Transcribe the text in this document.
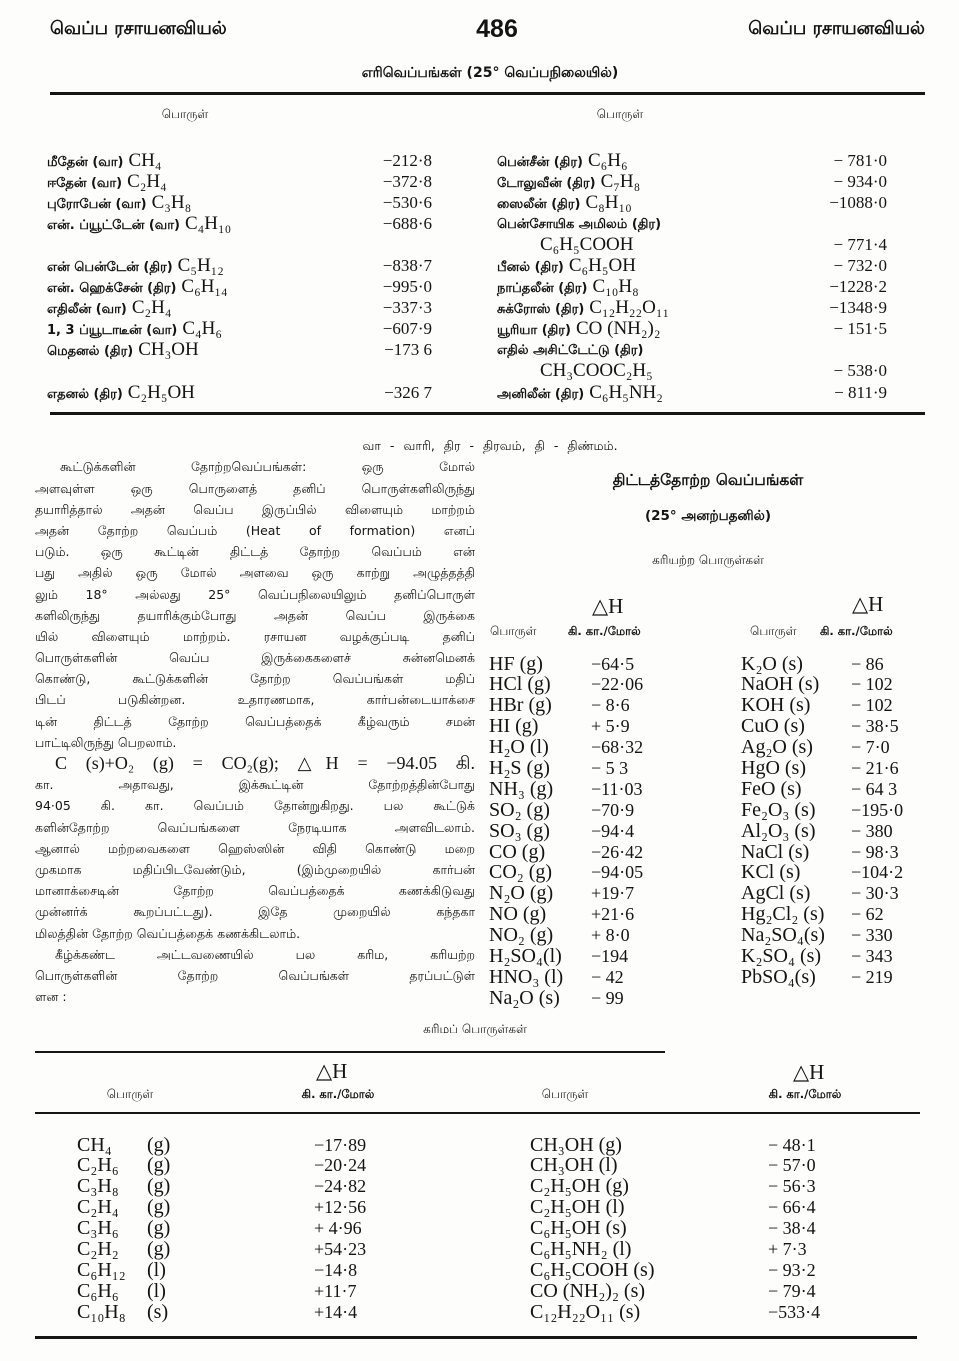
வெப்ப ரசாயனவியல்	486	வெப்ப ரசாயனவியல்
எரிவெப்பங்கள் (25° வெப்பநிலையில்)
பொருள்	பொருள்
மீதேன் (வா) CH₄	−212·8
ஈதேன் (வா) C₂H₄	−372·8
புரோபேன் (வா) C₃H₈	−530·6
என். ப்யூட்டேன் (வா) C₄H₁₀	−688·6
என் பென்டேன் (திர) C₅H₁₂	−838·7
என். ஹெக்சேன் (திர) C₆H₁₄	−995·0
எதிலீன் (வா) C₂H₄	−337·3
1, 3 ப்யூடாடீன் (வா) C₄H₆	−607·9
மெதனல் (திர) CH₃OH	−173 6
எதனல் (திர) C₂H₅OH	−326 7
பென்சீன் (திர) C₆H₆	− 781·0
டோலுவீன் (திர) C₇H₈	− 934·0
ஸைலீன் (திர) C₈H₁₀	−1088·0
பென்சோயிக அமிலம் (திர)
C₆H₅COOH	− 771·4
பீனல் (திர) C₆H₅OH	− 732·0
நாப்தலீன் (திர) C₁₀H₈	−1228·2
சுக்ரோஸ் (திர) C₁₂H₂₂O₁₁	−1348·9
யூரியா (திர) CO (NH₂)₂	− 151·5
எதில் அசிட்டேட்டு (திர)
CH₃COOC₂H₅	− 538·0
அனிலீன் (திர) C₆H₅NH₂	− 811·9
வா - வாரி, திர - திரவம், தி - திண்மம்.
கூட்டுக்களின் தோற்றவெப்பங்கள்: ஒரு மோல்
அளவுள்ள ஒரு பொருளைத் தனிப் பொருள்களிலிருந்து
தயாரித்தால் அதன் வெப்ப இருப்பில் விளையும் மாற்றம்
அதன் தோற்ற வெப்பம் (Heat of formation) எனப்
படும். ஒரு கூட்டின் திட்டத் தோற்ற வெப்பம் என்
பது அதில் ஒரு மோல் அளவை ஒரு காற்று அழுத்தத்தி
லும் 18° அல்லது 25° வெப்பநிலையிலும் தனிப்பொருள்
களிலிருந்து தயாரிக்கும்போது அதன் வெப்ப இருக்கை
யில் விளையும் மாற்றம். ரசாயன வழக்குப்படி தனிப்
பொருள்களின் வெப்ப இருக்கைகளைச் சுன்னமெனக்
கொண்டு, கூட்டுக்களின் தோற்ற வெப்பங்கள் மதிப்
பிடப் படுகின்றன. உதாரணமாக, கார்பன்டையாக்சை
டின் திட்டத் தோற்ற வெப்பத்தைக் கீழ்வரும் சமன்
பாட்டிலிருந்து பெறலாம்.
C (s)+O₂ (g) = CO₂(g); △H = −94.05 கி.
கா. அதாவது, இக்கூட்டின் தோற்றத்தின்போது
94·05 கி. கா. வெப்பம் தோன்றுகிறது. பல கூட்டுக்
களின்தோற்ற வெப்பங்களை நேரடியாக அளவிடலாம்.
ஆனால் மற்றவைகளை ஹெஸ்ஸின் விதி கொண்டு மறை
முகமாக மதிப்பிடவேண்டும், (இம்முறையில் கார்பன்
மானாக்சைடின் தோற்ற வெப்பத்தைக் கணக்கிடுவது
முன்னர்க் கூறப்பட்டது). இதே முறையில் கந்தகா
மிலத்தின் தோற்ற வெப்பத்தைக் கணக்கிடலாம்.
கீழ்க்கண்ட அட்டவணையில் பல கரிம, கரியற்ற
பொருள்களின் தோற்ற வெப்பங்கள் தரப்பட்டுள்
ளன :
திட்டத்தோற்ற வெப்பங்கள்
(25° அனற்பதனில்)
கரியற்ற பொருள்கள்
△H	△H
பொருள்	கி. கா./மோல்	பொருள் கி. கா./மோல்
HF (g)	−64·5
HCl (g) −22·06
HBr (g) − 8·6
HI (g)	+ 5·9
H₂O (l) −68·32
H₂S (g) − 5 3
NH₃ (g) −11·03
SO₂ (g) −70·9
SO₃ (g) −94·4
CO (g)	−26·42
CO₂ (g) −94·05
N₂O (g) +19·7
NO (g) +21·6
NO₂ (g) + 8·0
H₂SO₄(l) −194
HNO₃ (l) − 42
Na₂O (s) − 99
K₂O (s)	− 86
NaOH (s) − 102
KOH (s) − 102
CuO (s)	− 38·5
Ag₂O (s) − 7·0
HgO (s)	− 21·6
FeO (s)	− 64 3
Fe₂O₃ (s) −195·0
Al₂O₃ (s) − 380
NaCl (s) − 98·3
KCl (s)	−104·2
AgCl (s) − 30·3
Hg₂Cl₂ (s) − 62
Na₂SO₄(s) − 330
K₂SO₄ (s) − 343
PbSO₄(s) − 219
கரிமப் பொருள்கள்
△H	△H
பொருள்	கி. கா./மோல்	பொருள்	கி. கா./மோல்
CH₄ (g)	−17·89
C₂H₆ (g)	−20·24
C₃H₈ (g)	−24·82
C₂H₄ (g)	+12·56
C₃H₆ (g)	+ 4·96
C₂H₂ (g)	+54·23
C₆H₁₂ (l)	−14·8
C₆H₆ (l)	+11·7
C₁₀H₈ (s)	+14·4
CH₃OH (g)	− 48·1
CH₃OH (l)	− 57·0
C₂H₅OH (g)	− 56·3
C₂H₅OH (l)	− 66·4
C₆H₅OH (s)	− 38·4
C₆H₅NH₂ (l)	+ 7·3
C₆H₅COOH (s)	− 93·2
CO (NH₂)₂ (s)	− 79·4
C₁₂H₂₂O₁₁ (s)	−533·4
